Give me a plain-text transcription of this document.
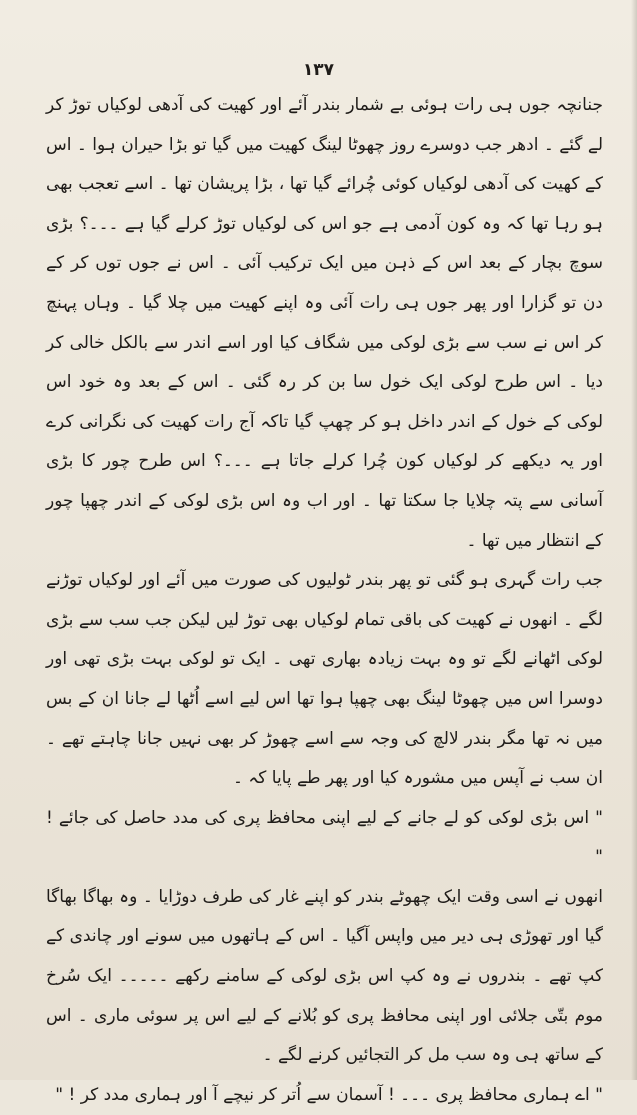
۱۳۷

جنانچہ جوں ہی رات ہوئی بے شمار بندر آئے اور کھیت کی آدھی لوکیاں توڑ کر لے گئے ۔ ادھر جب دوسرے روز چھوٹا لینگ کھیت میں گیا تو بڑا حیران ہوا ۔ اس کے کھیت کی آدھی لوکیاں کوئی چُرائے گیا تھا ، بڑا پریشان تھا ۔ اسے تعجب بھی ہو رہا تھا کہ وہ کون آدمی ہے جو اس کی لوکیاں توڑ کرلے گیا ہے ۔۔۔؟ بڑی سوچ بچار کے بعد اس کے ذہن میں ایک ترکیب آئی ۔ اس نے جوں توں کر کے دن تو گزارا اور پھر جوں ہی رات آئی وہ اپنے کھیت میں چلا گیا ۔ وہاں پہنچ کر اس نے سب سے بڑی لوکی میں شگاف کیا اور اسے اندر سے بالکل خالی کر دیا ۔ اس طرح لوکی ایک خول سا بن کر رہ گئی ۔ اس کے بعد وہ خود اس لوکی کے خول کے اندر داخل ہو کر چھپ گیا تاکہ آج رات کھیت کی نگرانی کرے اور یہ دیکھے کر لوکیاں کون چُرا کرلے جاتا ہے ۔۔۔؟ اس طرح چور کا بڑی آسانی سے پتہ چلایا جا سکتا تھا ۔ اور اب وہ اس بڑی لوکی کے اندر چھپا چور کے انتظار میں تھا ۔

جب رات گہری ہو گئی تو پھر بندر ٹولیوں کی صورت میں آئے اور لوکیاں توڑنے لگے ۔ انھوں نے کھیت کی باقی تمام لوکیاں بھی توڑ لیں لیکن جب سب سے بڑی لوکی اٹھانے لگے تو وہ بہت زیادہ بھاری تھی ۔ ایک تو لوکی بہت بڑی تھی اور دوسرا اس میں چھوٹا لینگ بھی چھپا ہوا تھا اس لیے اسے اُٹھا لے جانا ان کے بس میں نہ تھا مگر بندر لالچ کی وجہ سے اسے چھوڑ کر بھی نہیں جانا چاہتے تھے ۔ ان سب نے آپس میں مشورہ کیا اور پھر طے پایا کہ ۔

" اس بڑی لوکی کو لے جانے کے لیے اپنی محافظ پری کی مدد حاصل کی جائے ! "

انھوں نے اسی وقت ایک چھوٹے بندر کو اپنے غار کی طرف دوڑایا ۔ وہ بھاگا بھاگا گیا اور تھوڑی ہی دیر میں واپس آگیا ۔ اس کے ہاتھوں میں سونے اور چاندی کے کپ تھے ۔ بندروں نے وہ کپ اس بڑی لوکی کے سامنے رکھے ۔۔۔۔۔ ایک سُرخ موم بتّی جلائی اور اپنی محافظ پری کو بُلانے کے لیے اس پر سوئی ماری ۔ اس کے ساتھ ہی وہ سب مل کر التجائیں کرنے لگے ۔

" اے ہماری محافظ پری ۔۔۔ ! آسمان سے اُتر کر نیچے آ اور ہماری مدد کر ! "
